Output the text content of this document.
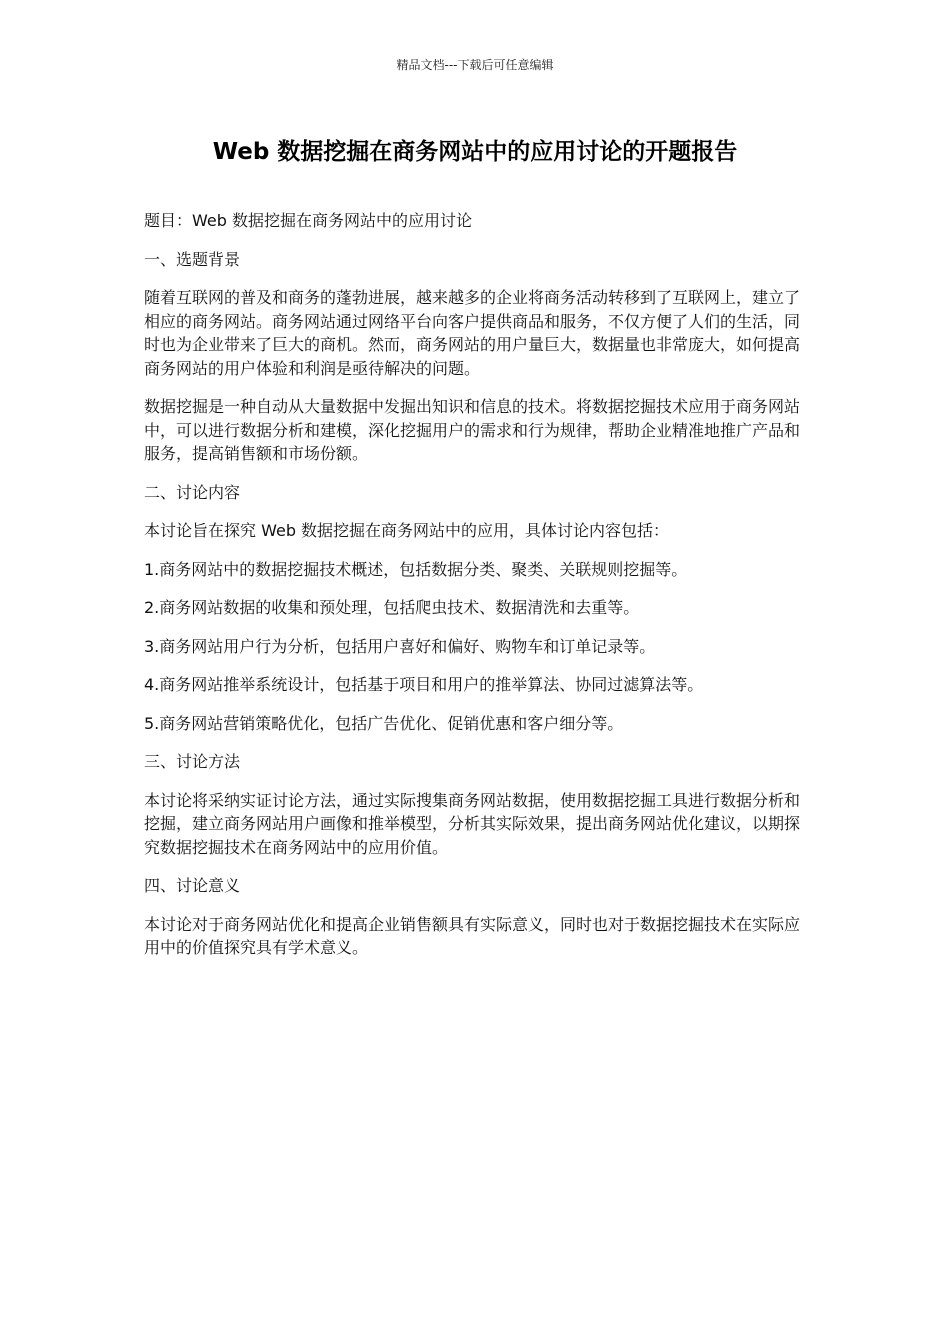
精品文档---下载后可任意编辑
Web 数据挖掘在商务网站中的应用讨论的开题报告

题目：Web 数据挖掘在商务网站中的应用讨论

一、选题背景

随着互联网的普及和商务的蓬勃进展，越来越多的企业将商务活动转移到了互联网上，建立了相应的商务网站。商务网站通过网络平台向客户提供商品和服务，不仅方便了人们的生活，同时也为企业带来了巨大的商机。然而，商务网站的用户量巨大，数据量也非常庞大，如何提高商务网站的用户体验和利润是亟待解决的问题。

数据挖掘是一种自动从大量数据中发掘出知识和信息的技术。将数据挖掘技术应用于商务网站中，可以进行数据分析和建模，深化挖掘用户的需求和行为规律，帮助企业精准地推广产品和服务，提高销售额和市场份额。

二、讨论内容

本讨论旨在探究 Web 数据挖掘在商务网站中的应用，具体讨论内容包括：

1.商务网站中的数据挖掘技术概述，包括数据分类、聚类、关联规则挖掘等。

2.商务网站数据的收集和预处理，包括爬虫技术、数据清洗和去重等。

3.商务网站用户行为分析，包括用户喜好和偏好、购物车和订单记录等。

4.商务网站推举系统设计，包括基于项目和用户的推举算法、协同过滤算法等。

5.商务网站营销策略优化，包括广告优化、促销优惠和客户细分等。

三、讨论方法

本讨论将采纳实证讨论方法，通过实际搜集商务网站数据，使用数据挖掘工具进行数据分析和挖掘，建立商务网站用户画像和推举模型，分析其实际效果，提出商务网站优化建议，以期探究数据挖掘技术在商务网站中的应用价值。

四、讨论意义

本讨论对于商务网站优化和提高企业销售额具有实际意义，同时也对于数据挖掘技术在实际应用中的价值探究具有学术意义。
